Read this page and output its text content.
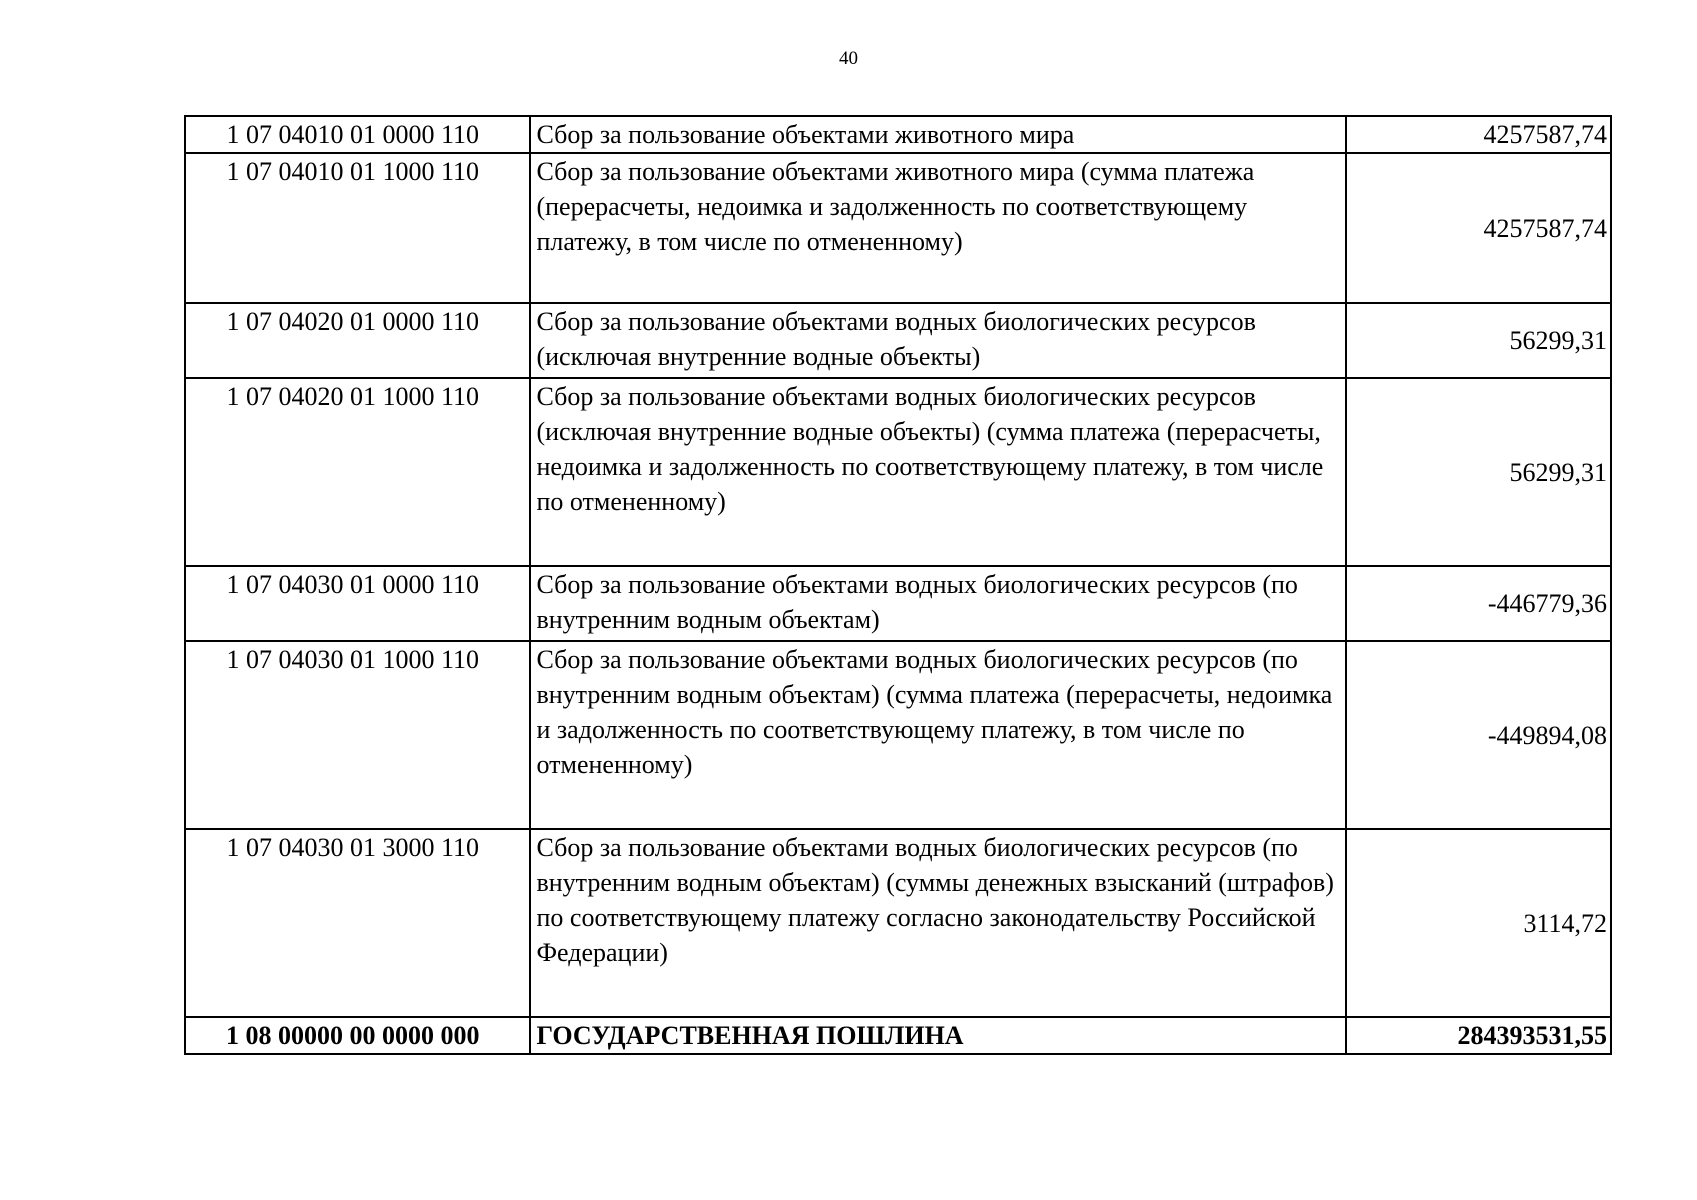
40
1 07 04010 01 0000 110	Сбор за пользование объектами животного мира	4257587,74
1 07 04010 01 1000 110	Сбор за пользование объектами животного мира (сумма платежа (перерасчеты, недоимка и задолженность по соответствующему платежу, в том числе по отмененному)	4257587,74
1 07 04020 01 0000 110	Сбор за пользование объектами водных биологических ресурсов (исключая внутренние водные объекты)	56299,31
1 07 04020 01 1000 110	Сбор за пользование объектами водных биологических ресурсов (исключая внутренние водные объекты) (сумма платежа (перерасчеты, недоимка и задолженность по соответствующему платежу, в том числе по отмененному)	56299,31
1 07 04030 01 0000 110	Сбор за пользование объектами водных биологических ресурсов (по внутренним водным объектам)	-446779,36
1 07 04030 01 1000 110	Сбор за пользование объектами водных биологических ресурсов (по внутренним водным объектам) (сумма платежа (перерасчеты, недоимка и задолженность по соответствующему платежу, в том числе по отмененному)	-449894,08
1 07 04030 01 3000 110	Сбор за пользование объектами водных биологических ресурсов (по внутренним водным объектам) (суммы денежных взысканий (штрафов) по соответствующему платежу согласно законодательству Российской Федерации)	3114,72
1 08 00000 00 0000 000	ГОСУДАРСТВЕННАЯ ПОШЛИНА	284393531,55
